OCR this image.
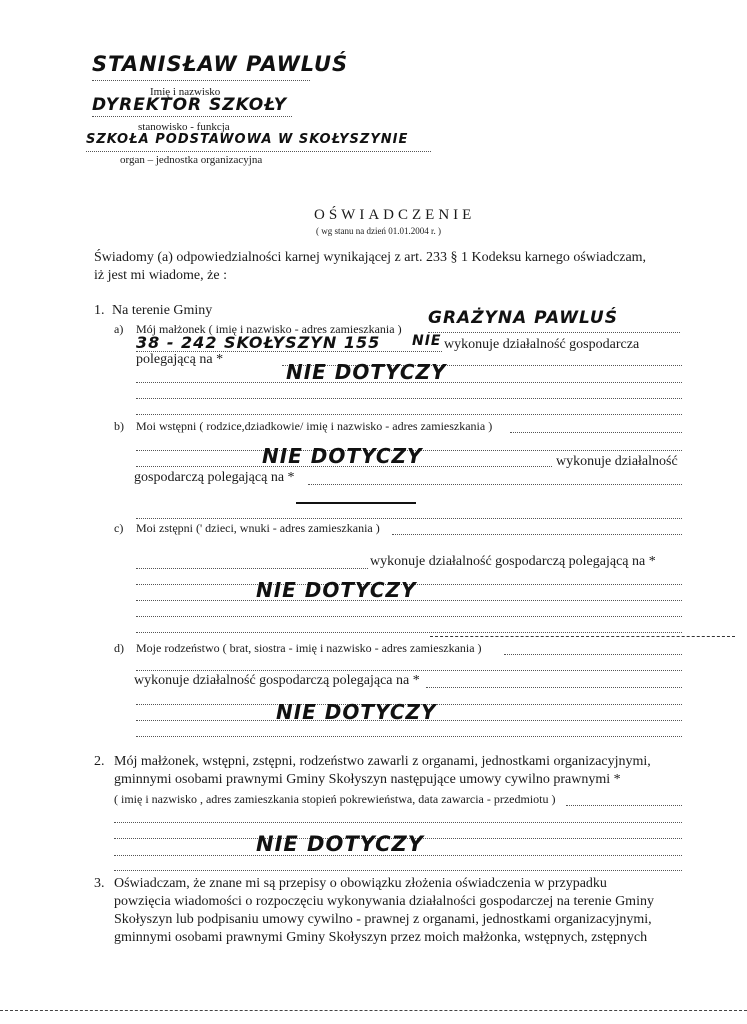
STANISŁAW PAWLUŚ
Imię i nazwisko
DYREKTOR SZKOŁY
stanowisko - funkcja
SZKOŁA PODSTAWOWA W SKOŁYSZYNIE
organ – jednostka organizacyjna
OŚWIADCZENIE
( wg stanu na dzień 01.01.2004 r. )
Świadomy (a) odpowiedzialności karnej wynikającej z art. 233 § 1 Kodeksu karnego oświadczam,
iż jest mi wiadome, że :
1. Na terenie Gminy
a) Mój małżonek ( imię i nazwisko - adres zamieszkania )
GRAŻYNA PAWLUŚ
38 - 242 SKOŁYSZYN 155 NIE wykonuje działalność gospodarcza
polegającą na *
NIE DOTYCZY
b) Moi wstępni ( rodzice,dziadkowie/ imię i nazwisko - adres zamieszkania )
NIE DOTYCZY	wykonuje działalność
gospodarczą polegającą na *
c) Moi zstępni (' dzieci, wnuki - adres zamieszkania )
wykonuje działalność gospodarczą polegającą na *
NIE DOTYCZY
d) Moje rodzeństwo ( brat, siostra - imię i nazwisko - adres zamieszkania )
wykonuje działalność gospodarczą polegająca na *
NIE DOTYCZY
2. Mój małżonek, wstępni, zstępni, rodzeństwo zawarli z organami, jednostkami organizacyjnymi,
gminnymi osobami prawnymi Gminy Skołyszyn następujące umowy cywilno prawnymi *
( imię i nazwisko , adres zamieszkania stopień pokrewieństwa, data zawarcia - przedmiotu )
NIE DOTYCZY
3. Oświadczam, że znane mi są przepisy o obowiązku złożenia oświadczenia w przypadku
powzięcia wiadomości o rozpoczęciu wykonywania działalności gospodarczej na terenie Gminy
Skołyszyn lub podpisaniu umowy cywilno - prawnej z organami, jednostkami organizacyjnymi,
gminnymi osobami prawnymi Gminy Skołyszyn przez moich małżonka, wstępnych, zstępnych
